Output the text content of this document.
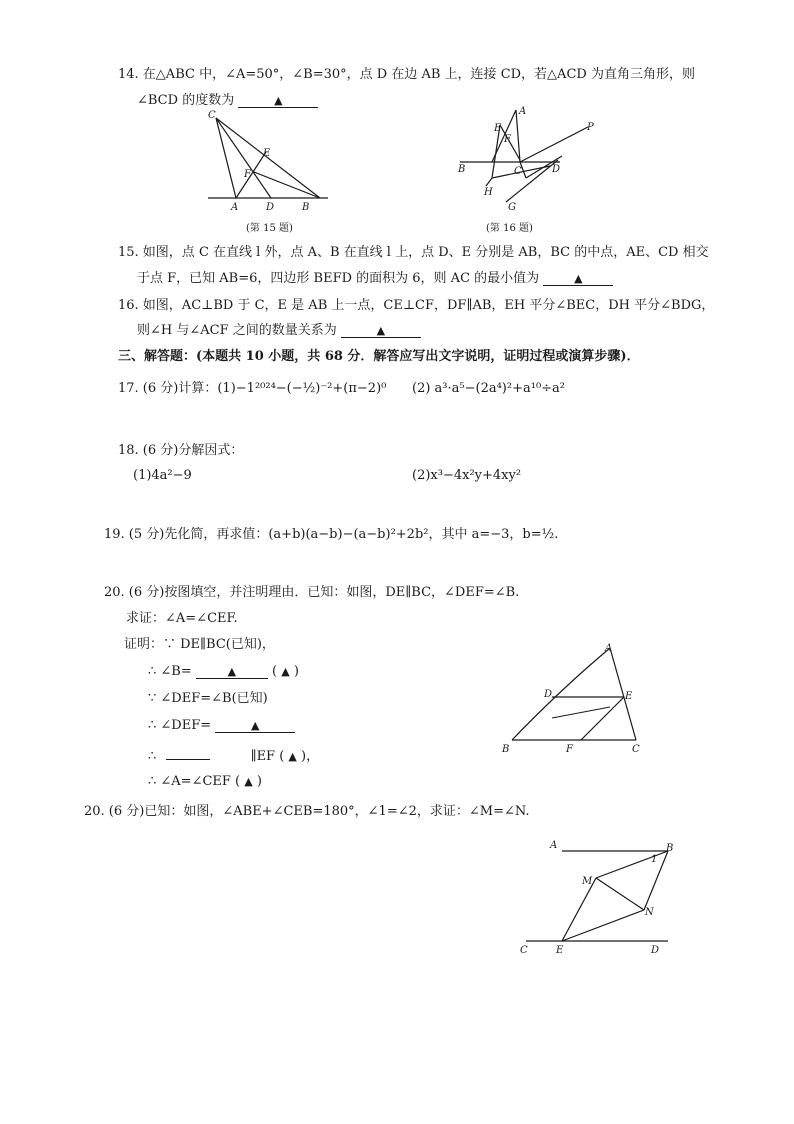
14. 在△ABC 中，∠A=50°，∠B=30°，点 D 在边 AB 上，连接 CD，若△ACD 为直角三角形，则
∠BCD 的度数为	▲
C
E
F
A	D	B
A
E
F
P
B	C	D
H
G
A
D	E
B	F	C
A	B
1
M
N
C	E	D
(第 15 题)	(第 16 题)
15. 如图，点 C 在直线 l 外，点 A、B 在直线 l 上，点 D、E 分别是 AB，BC 的中点，AE、CD 相交
于点 F，已知 AB=6，四边形 BEFD 的面积为 6，则 AC 的最小值为	▲
16. 如图，AC⊥BD 于 C，E 是 AB 上一点，CE⊥CF，DF∥AB，EH 平分∠BEC，DH 平分∠BDG，
则∠H 与∠ACF 之间的数量关系为	▲
三、解答题：(本题共 10 小题，共 68 分．解答应写出文字说明，证明过程或演算步骤)．
17. (6 分)计算：(1)−1²⁰²⁴−(−½)⁻²+(π−2)⁰ (2) a³·a⁵−(2a⁴)²+a¹⁰÷a²
18. (6 分)分解因式：
(1)4a²−9	(2)x³−4x²y+4xy²
19. (5 分)先化简，再求值：(a+b)(a−b)−(a−b)²+2b²，其中 a=−3，b=½.
20. (6 分)按图填空，并注明理由．已知：如图，DE∥BC，∠DEF=∠B.
求证：∠A=∠CEF.
证明：∵ DE∥BC(已知)，
∴ ∠B=	▲	( ▲ )
∵ ∠DEF=∠B(已知)
∴ ∠DEF=	▲
∴	∥EF ( ▲ )，
∴ ∠A=∠CEF ( ▲ )
20. (6 分)已知：如图，∠ABE+∠CEB=180°，∠1=∠2，求证：∠M=∠N.
